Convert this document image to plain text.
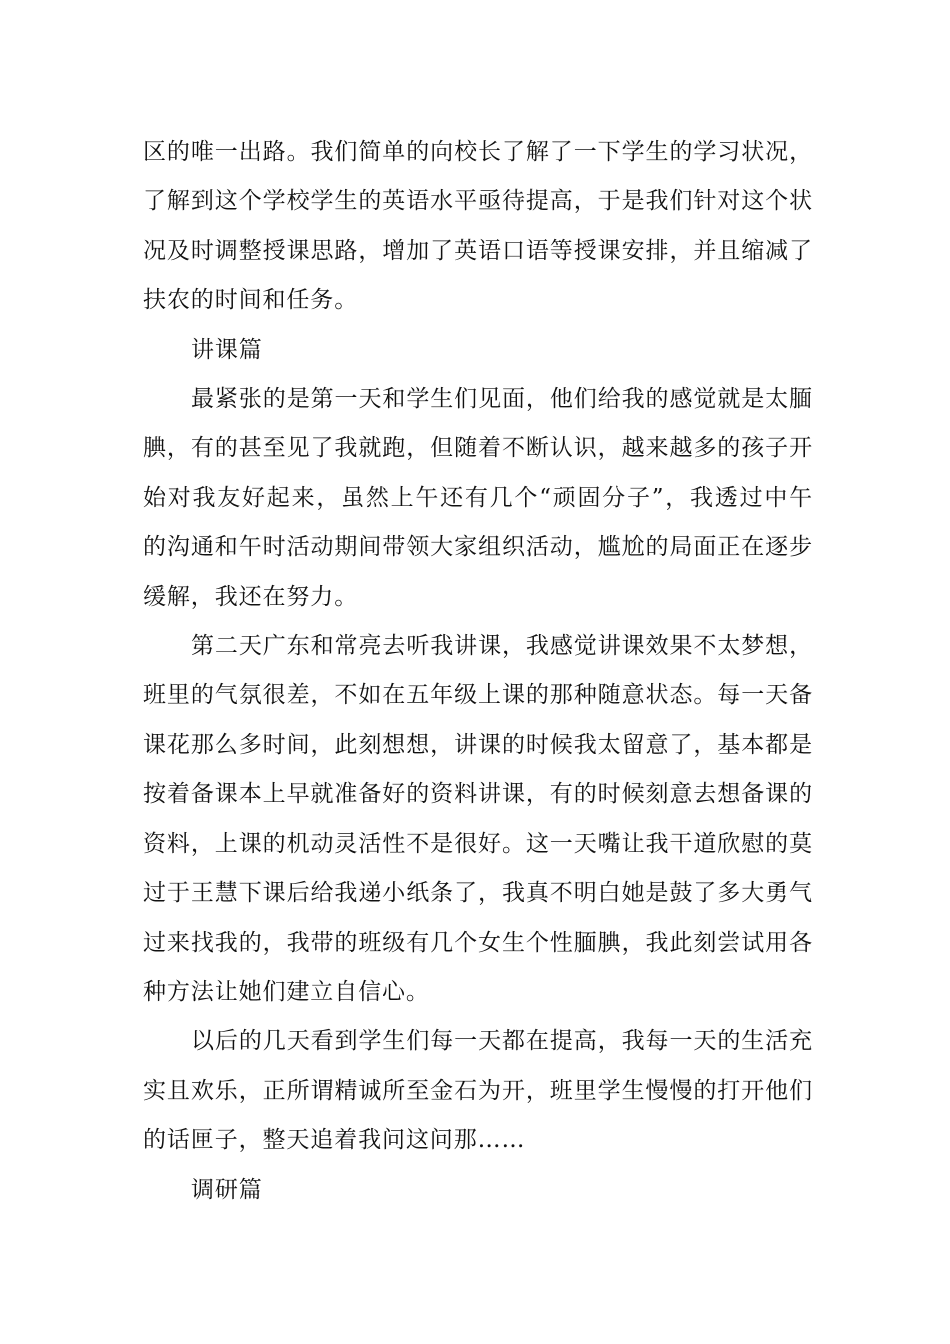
区的唯一出路。我们简单的向校长了解了一下学生的学习状况，了解到这个学校学生的英语水平亟待提高，于是我们针对这个状况及时调整授课思路，增加了英语口语等授课安排，并且缩减了扶农的时间和任务。

讲课篇

最紧张的是第一天和学生们见面，他们给我的感觉就是太腼腆，有的甚至见了我就跑，但随着不断认识，越来越多的孩子开始对我友好起来，虽然上午还有几个“顽固分子”，我透过中午的沟通和午时活动期间带领大家组织活动，尴尬的局面正在逐步缓解，我还在努力。

第二天广东和常亮去听我讲课，我感觉讲课效果不太梦想，班里的气氛很差，不如在五年级上课的那种随意状态。每一天备课花那么多时间，此刻想想，讲课的时候我太留意了，基本都是按着备课本上早就准备好的资料讲课，有的时候刻意去想备课的资料，上课的机动灵活性不是很好。这一天嘴让我干道欣慰的莫过于王慧下课后给我递小纸条了，我真不明白她是鼓了多大勇气过来找我的，我带的班级有几个女生个性腼腆，我此刻尝试用各种方法让她们建立自信心。

以后的几天看到学生们每一天都在提高，我每一天的生活充实且欢乐，正所谓精诚所至金石为开，班里学生慢慢的打开他们的话匣子，整天追着我问这问那……

调研篇
